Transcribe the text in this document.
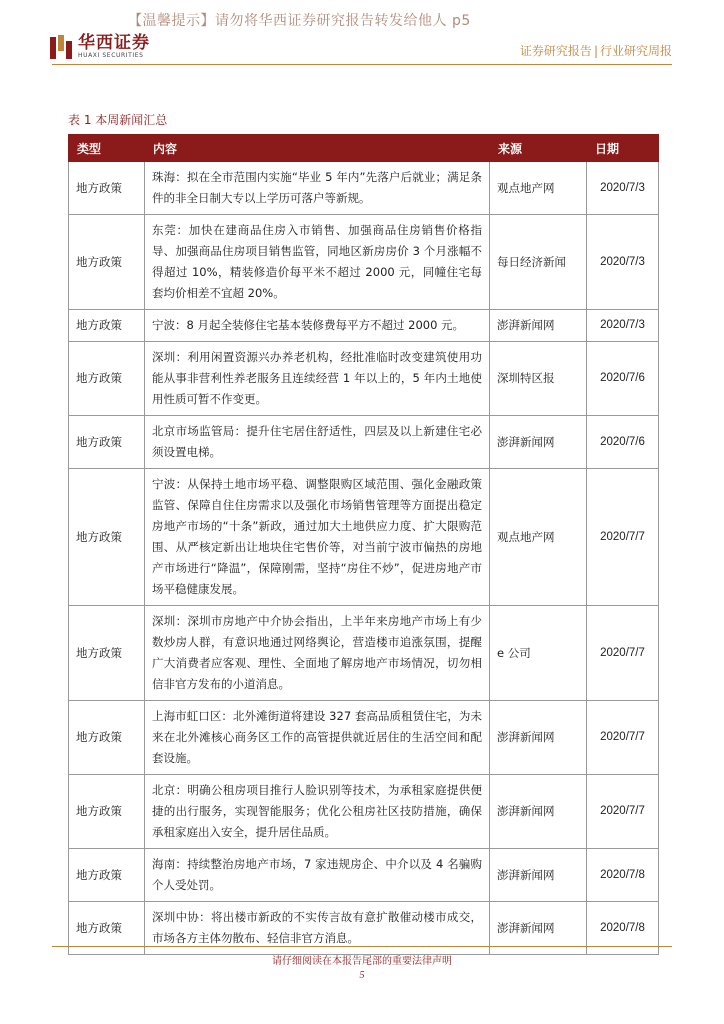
【温馨提示】请勿将华西证券研究报告转发给他人 p5
华西证券
HUAXI SECURITIES	证券研究报告 | 行业研究周报
表 1 本周新闻汇总
类型	内容	来源	日期
地方政策	珠海：拟在全市范围内实施“毕业 5 年内”先落户后就业；满足条件的非全日制大专以上学历可落户等新规。	观点地产网	2020/7/3
地方政策	东莞：加快在建商品住房入市销售、加强商品住房销售价格指导、加强商品住房项目销售监管，同地区新房房价 3 个月涨幅不得超过 10%，精装修造价每平米不超过 2000 元，同幢住宅每套均价相差不宜超 20%。	每日经济新闻	2020/7/3
地方政策	宁波：8 月起全装修住宅基本装修费每平方不超过 2000 元。	澎湃新闻网	2020/7/3
地方政策	深圳：利用闲置资源兴办养老机构，经批准临时改变建筑使用功能从事非营利性养老服务且连续经营 1 年以上的，5 年内土地使用性质可暂不作变更。	深圳特区报	2020/7/6
地方政策	北京市场监管局：提升住宅居住舒适性，四层及以上新建住宅必须设置电梯。	澎湃新闻网	2020/7/6
地方政策	宁波：从保持土地市场平稳、调整限购区域范围、强化金融政策监管、保障自住住房需求以及强化市场销售管理等方面提出稳定房地产市场的“十条”新政，通过加大土地供应力度、扩大限购范围、从严核定新出让地块住宅售价等，对当前宁波市偏热的房地产市场进行“降温”，保障刚需，坚持“房住不炒”，促进房地产市场平稳健康发展。	观点地产网	2020/7/7
地方政策	深圳：深圳市房地产中介协会指出，上半年来房地产市场上有少数炒房人群，有意识地通过网络舆论，营造楼市追涨氛围，提醒广大消费者应客观、理性、全面地了解房地产市场情况，切勿相信非官方发布的小道消息。	e 公司	2020/7/7
地方政策	上海市虹口区：北外滩街道将建设 327 套高品质租赁住宅，为未来在北外滩核心商务区工作的高管提供就近居住的生活空间和配套设施。	澎湃新闻网	2020/7/7
地方政策	北京：明确公租房项目推行人脸识别等技术，为承租家庭提供便捷的出行服务，实现智能服务；优化公租房社区技防措施，确保承租家庭出入安全，提升居住品质。	澎湃新闻网	2020/7/7
地方政策	海南：持续整治房地产市场，7 家违规房企、中介以及 4 名骗购个人受处罚。	澎湃新闻网	2020/7/8
地方政策	深圳中协：将出楼市新政的不实传言故有意扩散催动楼市成交，市场各方主体勿散布、轻信非官方消息。	澎湃新闻网	2020/7/8
请仔细阅读在本报告尾部的重要法律声明
5
